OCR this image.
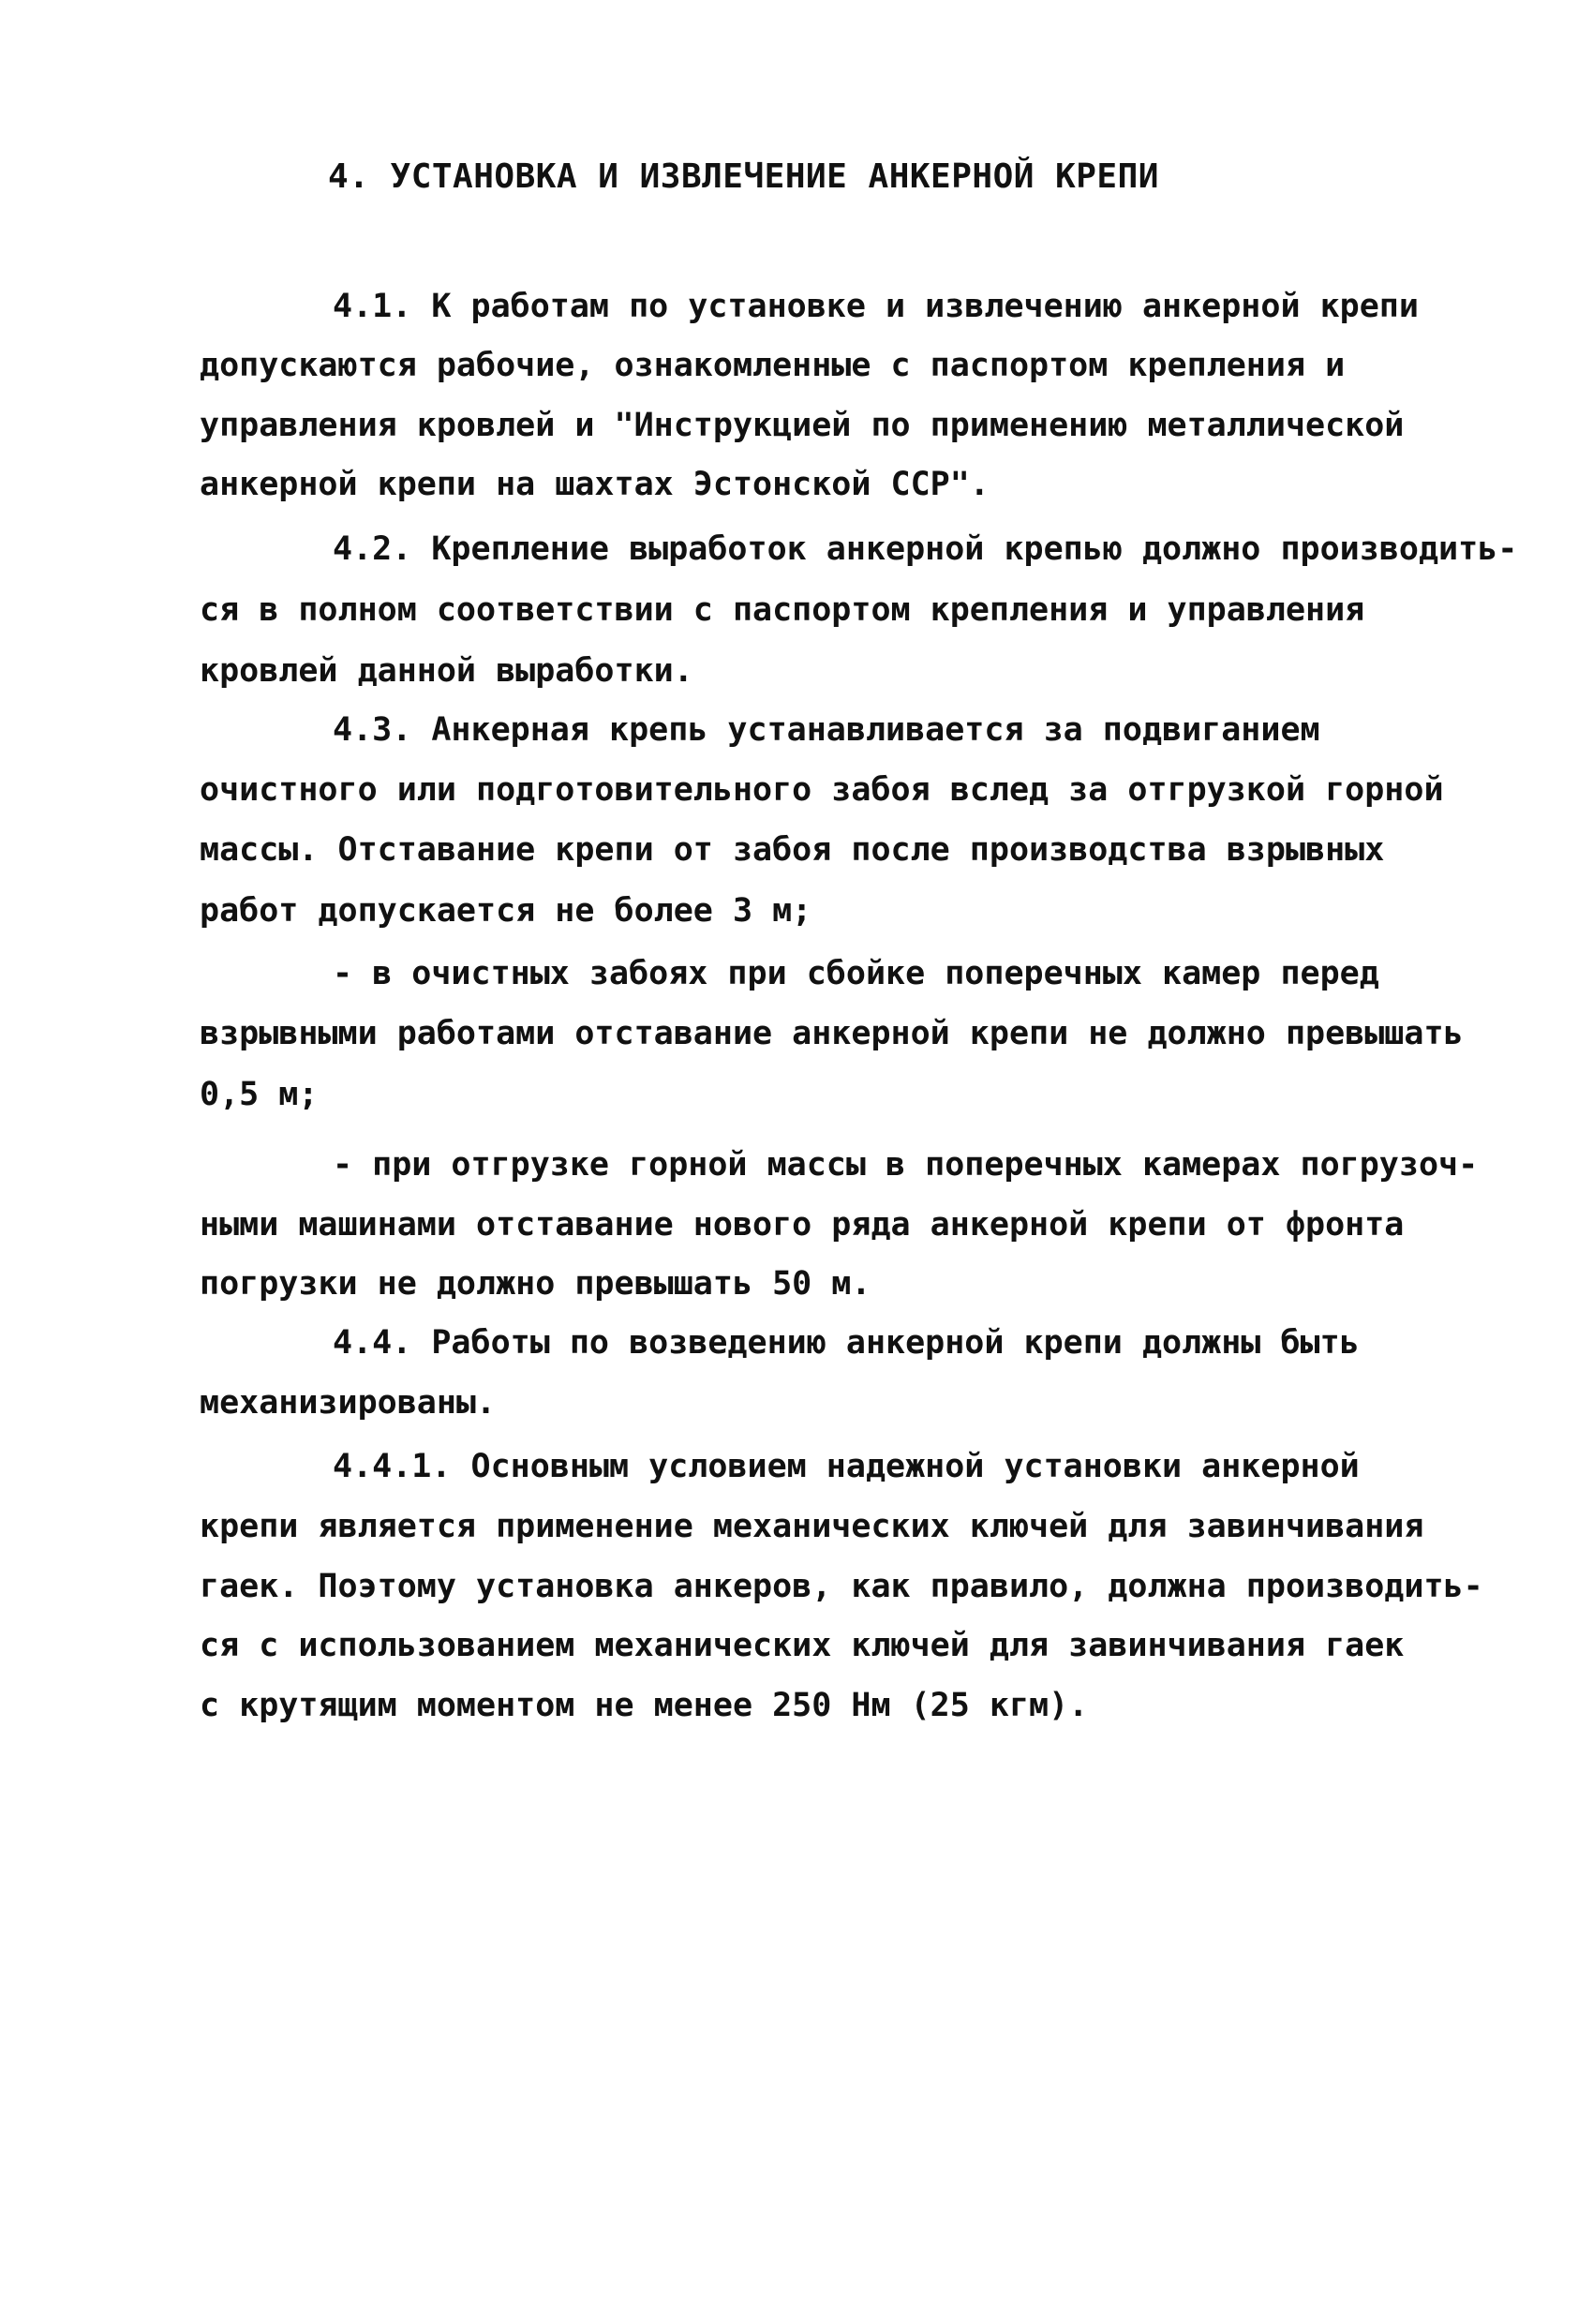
4. УСТАНОВКА И ИЗВЛЕЧЕНИЕ АНКЕРНОЙ КРЕПИ
4.1. К работам по установке и извлечению анкерной крепи
допускаются рабочие, ознакомленные с паспортом крепления и
управления кровлей и "Инструкцией по применению металлической
анкерной крепи на шахтах Эстонской ССР".
4.2. Крепление выработок анкерной крепью должно производить-
ся в полном соответствии с паспортом крепления и управления
кровлей данной выработки.
4.3. Анкерная крепь устанавливается за подвиганием
очистного или подготовительного забоя вслед за отгрузкой горной
массы. Отставание крепи от забоя после производства взрывных
работ допускается не более 3 м;
- в очистных забоях при сбойке поперечных камер перед
взрывными работами отставание анкерной крепи не должно превышать
0,5 м;
- при отгрузке горной массы в поперечных камерах погрузоч-
ными машинами отставание нового ряда анкерной крепи от фронта
погрузки не должно превышать 50 м.
4.4. Работы по возведению анкерной крепи должны быть
механизированы.
4.4.1. Основным условием надежной установки анкерной
крепи является применение механических ключей для завинчивания
гаек. Поэтому установка анкеров, как правило, должна производить-
ся с использованием механических ключей для завинчивания гаек
с крутящим моментом не менее 250 Нм (25 кгм).
